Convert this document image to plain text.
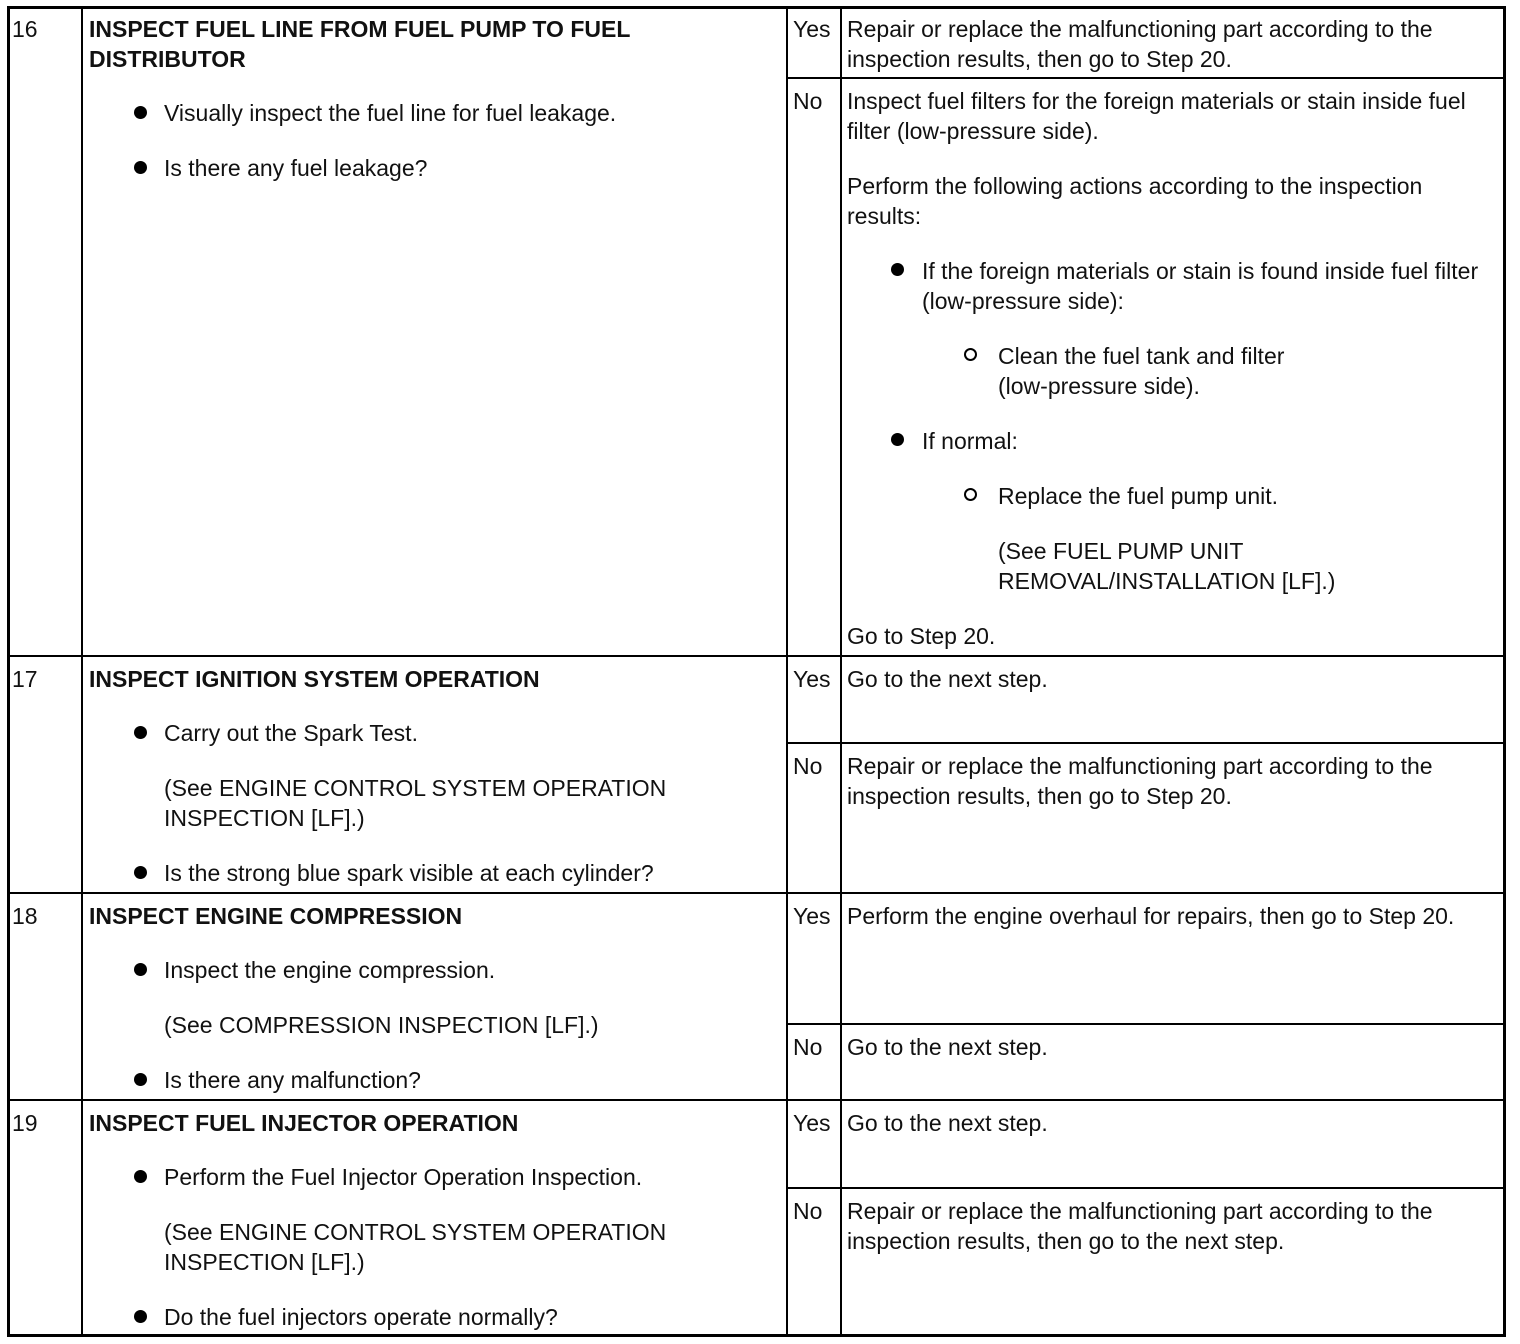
16 INSPECT FUEL LINE FROM FUEL PUMP TO FUEL DISTRIBUTOR
Visually inspect the fuel line for fuel leakage.
Is there any fuel leakage?
Yes Repair or replace the malfunctioning part according to the inspection results, then go to Step 20.
No Inspect fuel filters for the foreign materials or stain inside fuel filter (low-pressure side).
Perform the following actions according to the inspection results:
If the foreign materials or stain is found inside fuel filter (low-pressure side):
Clean the fuel tank and filter (low-pressure side).
If normal:
Replace the fuel pump unit.
(See FUEL PUMP UNIT REMOVAL/INSTALLATION [LF].)
Go to Step 20.
17 INSPECT IGNITION SYSTEM OPERATION
Carry out the Spark Test.
(See ENGINE CONTROL SYSTEM OPERATION INSPECTION [LF].)
Is the strong blue spark visible at each cylinder?
Yes Go to the next step.
No Repair or replace the malfunctioning part according to the inspection results, then go to Step 20.
18 INSPECT ENGINE COMPRESSION
Inspect the engine compression.
(See COMPRESSION INSPECTION [LF].)
Is there any malfunction?
Yes Perform the engine overhaul for repairs, then go to Step 20.
No Go to the next step.
19 INSPECT FUEL INJECTOR OPERATION
Perform the Fuel Injector Operation Inspection.
(See ENGINE CONTROL SYSTEM OPERATION INSPECTION [LF].)
Do the fuel injectors operate normally?
Yes Go to the next step.
No Repair or replace the malfunctioning part according to the inspection results, then go to the next step.
